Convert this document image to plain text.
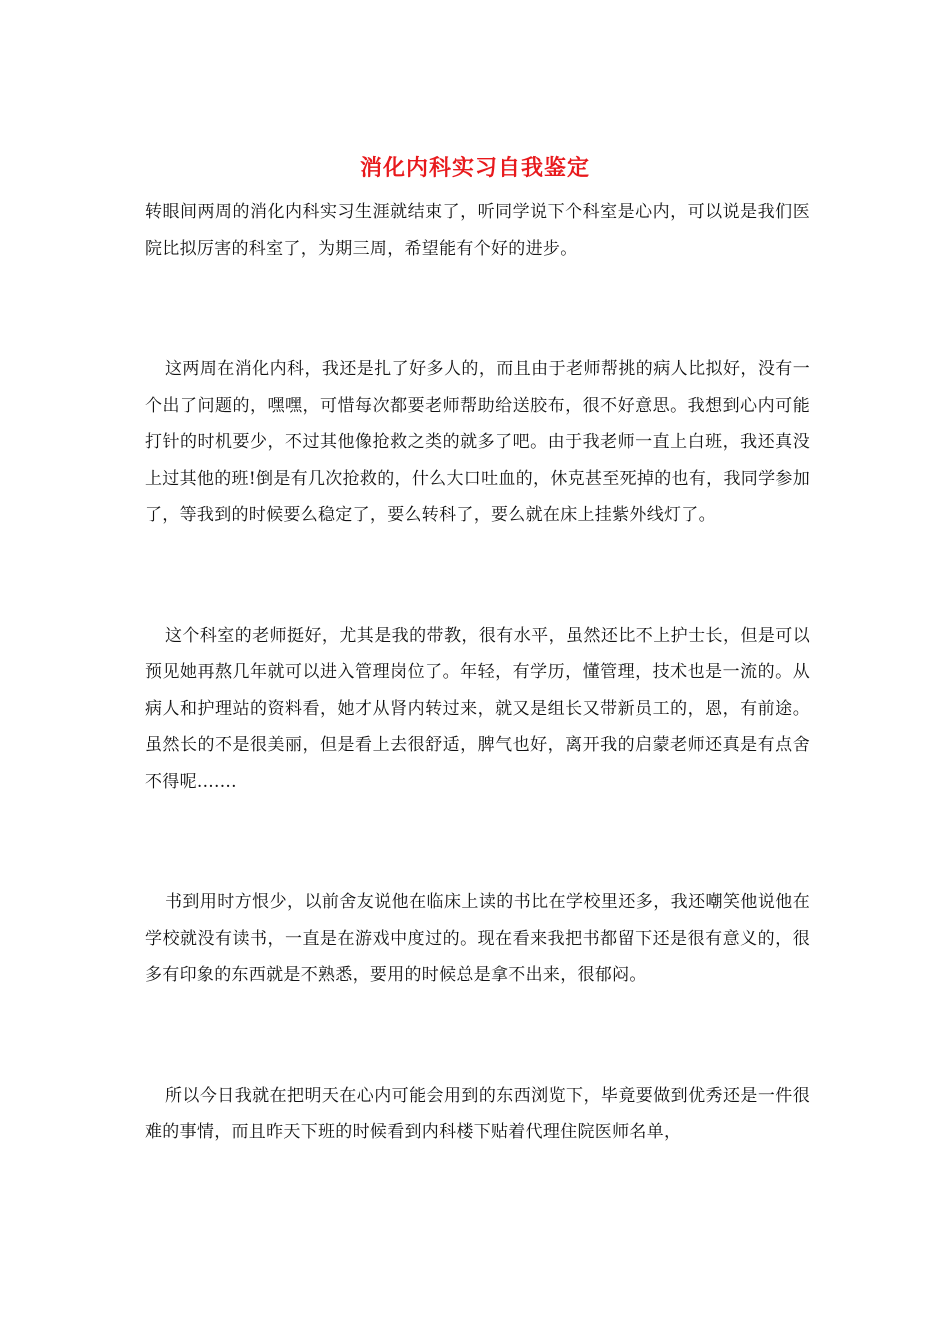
消化内科实习自我鉴定

转眼间两周的消化内科实习生涯就结束了，听同学说下个科室是心内，可以说是我们医院比拟厉害的科室了，为期三周，希望能有个好的进步。

这两周在消化内科，我还是扎了好多人的，而且由于老师帮挑的病人比拟好，没有一个出了问题的，嘿嘿，可惜每次都要老师帮助给送胶布，很不好意思。我想到心内可能打针的时机要少，不过其他像抢救之类的就多了吧。由于我老师一直上白班，我还真没上过其他的班!倒是有几次抢救的，什么大口吐血的，休克甚至死掉的也有，我同学参加了，等我到的时候要么稳定了，要么转科了，要么就在床上挂紫外线灯了。

这个科室的老师挺好，尤其是我的带教，很有水平，虽然还比不上护士长，但是可以预见她再熬几年就可以进入管理岗位了。年轻，有学历，懂管理，技术也是一流的。从病人和护理站的资料看，她才从肾内转过来，就又是组长又带新员工的，恩，有前途。虽然长的不是很美丽，但是看上去很舒适，脾气也好，离开我的启蒙老师还真是有点舍不得呢.......

书到用时方恨少，以前舍友说他在临床上读的书比在学校里还多，我还嘲笑他说他在学校就没有读书，一直是在游戏中度过的。现在看来我把书都留下还是很有意义的，很多有印象的东西就是不熟悉，要用的时候总是拿不出来，很郁闷。

所以今日我就在把明天在心内可能会用到的东西浏览下，毕竟要做到优秀还是一件很难的事情，而且昨天下班的时候看到内科楼下贴着代理住院医师名单，
